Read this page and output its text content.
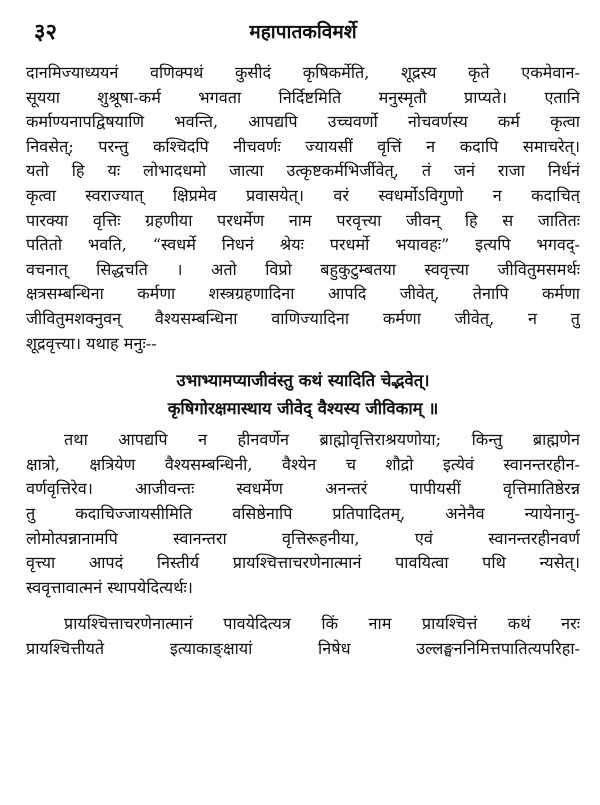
३२	महापातकविमर्शे
दानमिज्याध्ययनं वणिक्पथं कुसीदं कृषिकर्मेति, शूद्रस्य कृते एकमेवान-
सूयया शुश्रूषा-कर्म भगवता निर्दिष्टमिति मनुस्मृतौ प्राप्यते। एतानि
कर्माण्यनापद्विषयाणि भवन्ति, आपद्यपि उच्चवर्णो नोचवर्णस्य कर्म कृत्वा
निवसेत्; परन्तु कश्चिदपि नीचवर्णः ज्यायसीं वृत्तिं न कदापि समाचरेत्।
यतो हि यः लोभादधमो जात्या उत्कृष्टकर्मभिर्जीवेत्, तं जनं राजा निर्धनं
कृत्वा स्वराज्यात् क्षिप्रमेव प्रवासयेत्। वरं स्वधर्मोऽविगुणो न कदाचित्
पारक्या वृत्तिः ग्रहणीया परधर्मेण नाम परवृत्त्या जीवन् हि स जातितः
पतितो भवति, “स्वधर्मे निधनं श्रेयः परधर्मो भयावहः” इत्यपि भगवद्-
वचनात् सिद्धचति । अतो विप्रो बहुकुटुम्बतया स्ववृत्त्या जीवितुमसमर्थः
क्षत्रसम्बन्धिना कर्मणा शस्त्रग्रहणादिना आपदि जीवेत्, तेनापि कर्मणा
जीवितुमशक्नुवन् वैश्यसम्बन्धिना वाणिज्यादिना कर्मणा जीवेत्, न तु
शूद्रवृत्त्या। यथाह मनुः--
उभाभ्यामप्याजीवंस्तु कथं स्यादिति चेद्भवेत्।
कृषिगोरक्षमास्थाय जीवेद् वैश्यस्य जीविकाम् ॥
तथा आपद्यपि न हीनवर्णेन ब्राह्मोवृत्तिराश्रयणोया; किन्तु ब्राह्मणेन
क्षात्रो, क्षत्रियेण वैश्यसम्बन्धिनी, वैश्येन च शौद्रो इत्येवं स्वानन्तरहीन-
वर्णवृत्तिरेव। आजीवन्तः स्वधर्मेण अनन्तरं पापीयसीं वृत्तिमातिष्ठेरन्न
तु कदाचिज्जायसीमिति वसिष्ठेनापि प्रतिपादितम्, अनेनैव न्यायेनानु-
लोमोत्पन्नानामपि स्वानन्तरा वृत्तिरूहनीया, एवं स्वानन्तरहीनवर्ण
वृत्त्या आपदं निस्तीर्य प्रायश्चित्ताचरणेनात्मानं पावयित्वा पथि न्यसेत्।
स्ववृत्तावात्मनं स्थापयेदित्यर्थः।
प्रायश्चित्ताचरणेनात्मानं पावयेदित्यत्र किं नाम प्रायश्चित्तं कथं नरः
प्रायश्चित्तीयते इत्याकाङ्क्षायां निषेध उल्लङ्घननिमित्तपातित्यपरिहा-
